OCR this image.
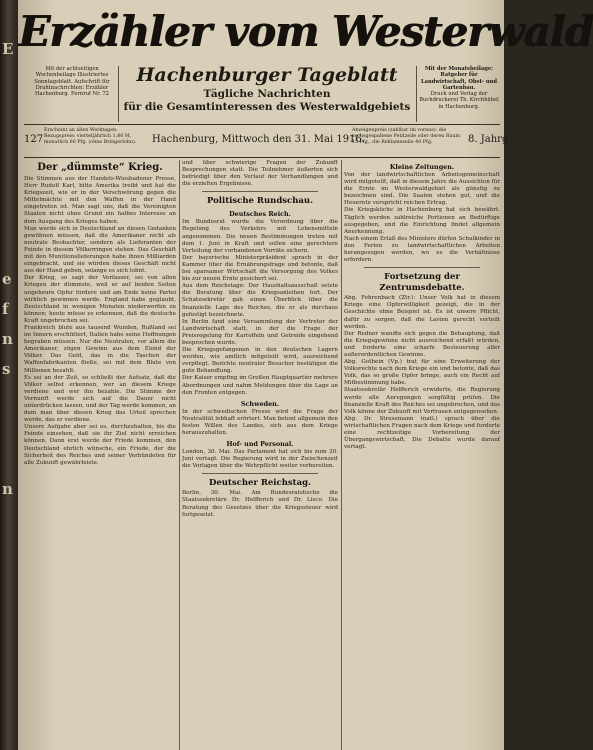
E
e
f
n
s
n
Erzähler vom Westerwald
Mit der achtseitigen Wochenbeilage Illustriertes Sonntagsblatt. Aufschrift für Drahtnachrichten: Erzähler Hachenburg. Fernruf Nr. 72
Hachenburger Tageblatt
Tägliche Nachrichten
für die Gesamtinteressen des Westerwaldgebiets
Mit der Monatsbeilage: Ratgeber für Landwirtschaft, Obst- und Gartenbau.
Druck und Verlag der Buchdruckerei Th. Kirchhübel in Hachenburg.
127
Erscheint an allen Werktagen. Bezugspreis: vierteljährlich 1.80 M, monatlich 60 Pfg. (ohne Bringerlohn).	Hachenburg, Mittwoch den 31. Mai 1916.
Anzeigenpreis (zahlbar im voraus): die sechsgespaltene Petitzeile oder deren Raum 15 Pfg., die Reklamezeile 40 Pfg.	8. Jahrg.
Der „dümmste“ Krieg.
Die Stimmen aus der Handels-Wiesbadener Presse, Herr Rudolf Karl, bitte Amerika treibt und hat die Kriegszeit, wie er in der Verschwörung gegen die Mittelmächte mit den Waffen in der Hand eingetreten ist. Man sagt uns, daß die Vereinigten Staaten nicht ohne Grund ein halbes Interesse an dem Ausgang des Krieges haben.
Man werde sich in Deutschland an diesen Gedanken gewöhnen müssen, daß die Amerikaner nicht als neutrale Beobachter, sondern als Lieferanten der Feinde in diesem Völkerringen stehen. Das Geschäft mit den Munitionslieferungen habe ihnen Milliarden eingebracht, und sie würden dieses Geschäft nicht aus der Hand geben, solange es sich lohnt.
Der Krieg, so sagt der Verfasser, sei von allen Kriegen der dümmste, weil er auf beiden Seiten ungeheure Opfer fordere und am Ende keine Partei wirklich gewinnen werde. England habe geglaubt, Deutschland in wenigen Monaten niederwerfen zu können; heute müsse es erkennen, daß die deutsche Kraft ungebrochen sei.
Frankreich blute aus tausend Wunden, Rußland sei im Innern erschüttert, Italien habe seine Hoffnungen begraben müssen. Nur die Neutralen, vor allem die Amerikaner, zögen Gewinn aus dem Elend der Völker. Das Geld, das in die Taschen der Waffenfabrikanten fließe, sei mit dem Blute von Millionen bezahlt.
Es sei an der Zeit, so schließt der Aufsatz, daß die Völker selbst erkennen, wer an diesem Kriege verdiene und wer ihn bezahle. Die Stimme der Vernunft werde sich auf die Dauer nicht unterdrücken lassen, und der Tag werde kommen, an dem man über diesen Krieg das Urteil sprechen werde, das er verdiene.
Unsere Aufgabe aber sei es, durchzuhalten, bis die Feinde einsehen, daß sie ihr Ziel nicht erreichen können. Dann erst werde der Friede kommen, den Deutschland ehrlich wünsche, ein Friede, der die Sicherheit des Reiches und seiner Verbündeten für alle Zukunft gewährleiste.
und über schwierige Fragen der Zukunft Besprechungen statt. Die Teilnehmer äußerten sich befriedigt über den Verlauf der Verhandlungen und die erzielten Ergebnisse.
Politische Rundschau.
Deutsches Reich.
Im Bundesrat wurde die Verordnung über die Regelung des Verkehrs mit Lebensmitteln angenommen. Die neuen Bestimmungen treten mit dem 1. Juni in Kraft und sollen eine gerechtere Verteilung der vorhandenen Vorräte sichern.
Der bayerische Ministerpräsident sprach in der Kammer über die Ernährungsfrage und betonte, daß bei sparsamer Wirtschaft die Versorgung des Volkes bis zur neuen Ernte gesichert sei.
Aus dem Reichstage: Der Haushaltsausschuß setzte die Beratung über die Kriegsanleihen fort. Der Schatzsekretär gab einen Überblick über die finanzielle Lage des Reiches, die er als durchaus gefestigt bezeichnete.
In Berlin fand eine Versammlung der Vertreter der Landwirtschaft statt, in der die Frage der Preisregelung für Kartoffeln und Getreide eingehend besprochen wurde.
Die Kriegsgefangenen in den deutschen Lagern werden, wie amtlich mitgeteilt wird, ausreichend verpflegt. Berichte neutraler Besucher bestätigen die gute Behandlung.
Der Kaiser empfing im Großen Hauptquartier mehrere Abordnungen und nahm Meldungen über die Lage an den Fronten entgegen.
Schweden.
In der schwedischen Presse wird die Frage der Neutralität lebhaft erörtert. Man betont allgemein den festen Willen des Landes, sich aus dem Kriege herauszuhalten.
Hof- und Personal.
London, 30. Mai. Das Parlament hat sich bis zum 20. Juni vertagt. Die Regierung wird in der Zwischenzeit die Vorlagen über die Wehrpflicht weiter vorbereiten.
Deutscher Reichstag.
Berlin, 30. Mai. Am Bundesratstische die Staatssekretäre Dr. Helfferich und Dr. Lisco. Die Beratung des Gesetzes über die Kriegssteuer wird fortgesetzt.
Kleine Zeitungen.
Von der landwirtschaftlichen Arbeitsgemeinschaft wird mitgeteilt, daß in diesem Jahre die Aussichten für die Ernte im Westerwaldgebiet als günstig zu bezeichnen sind. Die Saaten stehen gut, und die Heuernte verspricht reichen Ertrag.
Die Kriegsküche in Hachenburg hat sich bewährt. Täglich werden zahlreiche Portionen an Bedürftige ausgegeben, und die Einrichtung findet allgemein Anerkennung.
Nach einem Erlaß des Ministers dürfen Schulkinder in den Ferien zu landwirtschaftlichen Arbeiten herangezogen werden, wo es die Verhältnisse erfordern.
Fortsetzung der Zentrumsdebatte.
Abg. Fehrenbach (Ztr.): Unser Volk hat in diesem Kriege eine Opferwilligkeit gezeigt, die in der Geschichte ohne Beispiel ist. Es ist unsere Pflicht, dafür zu sorgen, daß die Lasten gerecht verteilt werden.
Der Redner wandte sich gegen die Behauptung, daß die Kriegsgewinne nicht ausreichend erfaßt würden, und forderte eine scharfe Besteuerung aller außerordentlichen Gewinne.
Abg. Gothein (Vp.) trat für eine Erweiterung der Volksrechte nach dem Kriege ein und betonte, daß das Volk, das so große Opfer bringe, auch ein Recht auf Mitbestimmung habe.
Staatssekretär Helfferich erwiderte, die Regierung werde alle Anregungen sorgfältig prüfen. Die finanzielle Kraft des Reiches sei ungebrochen, und das Volk könne der Zukunft mit Vertrauen entgegensehen.
Abg. Dr. Stresemann (natl.) sprach über die wirtschaftlichen Fragen nach dem Kriege und forderte eine rechtzeitige Vorbereitung der Übergangswirtschaft. Die Debatte wurde darauf vertagt.
